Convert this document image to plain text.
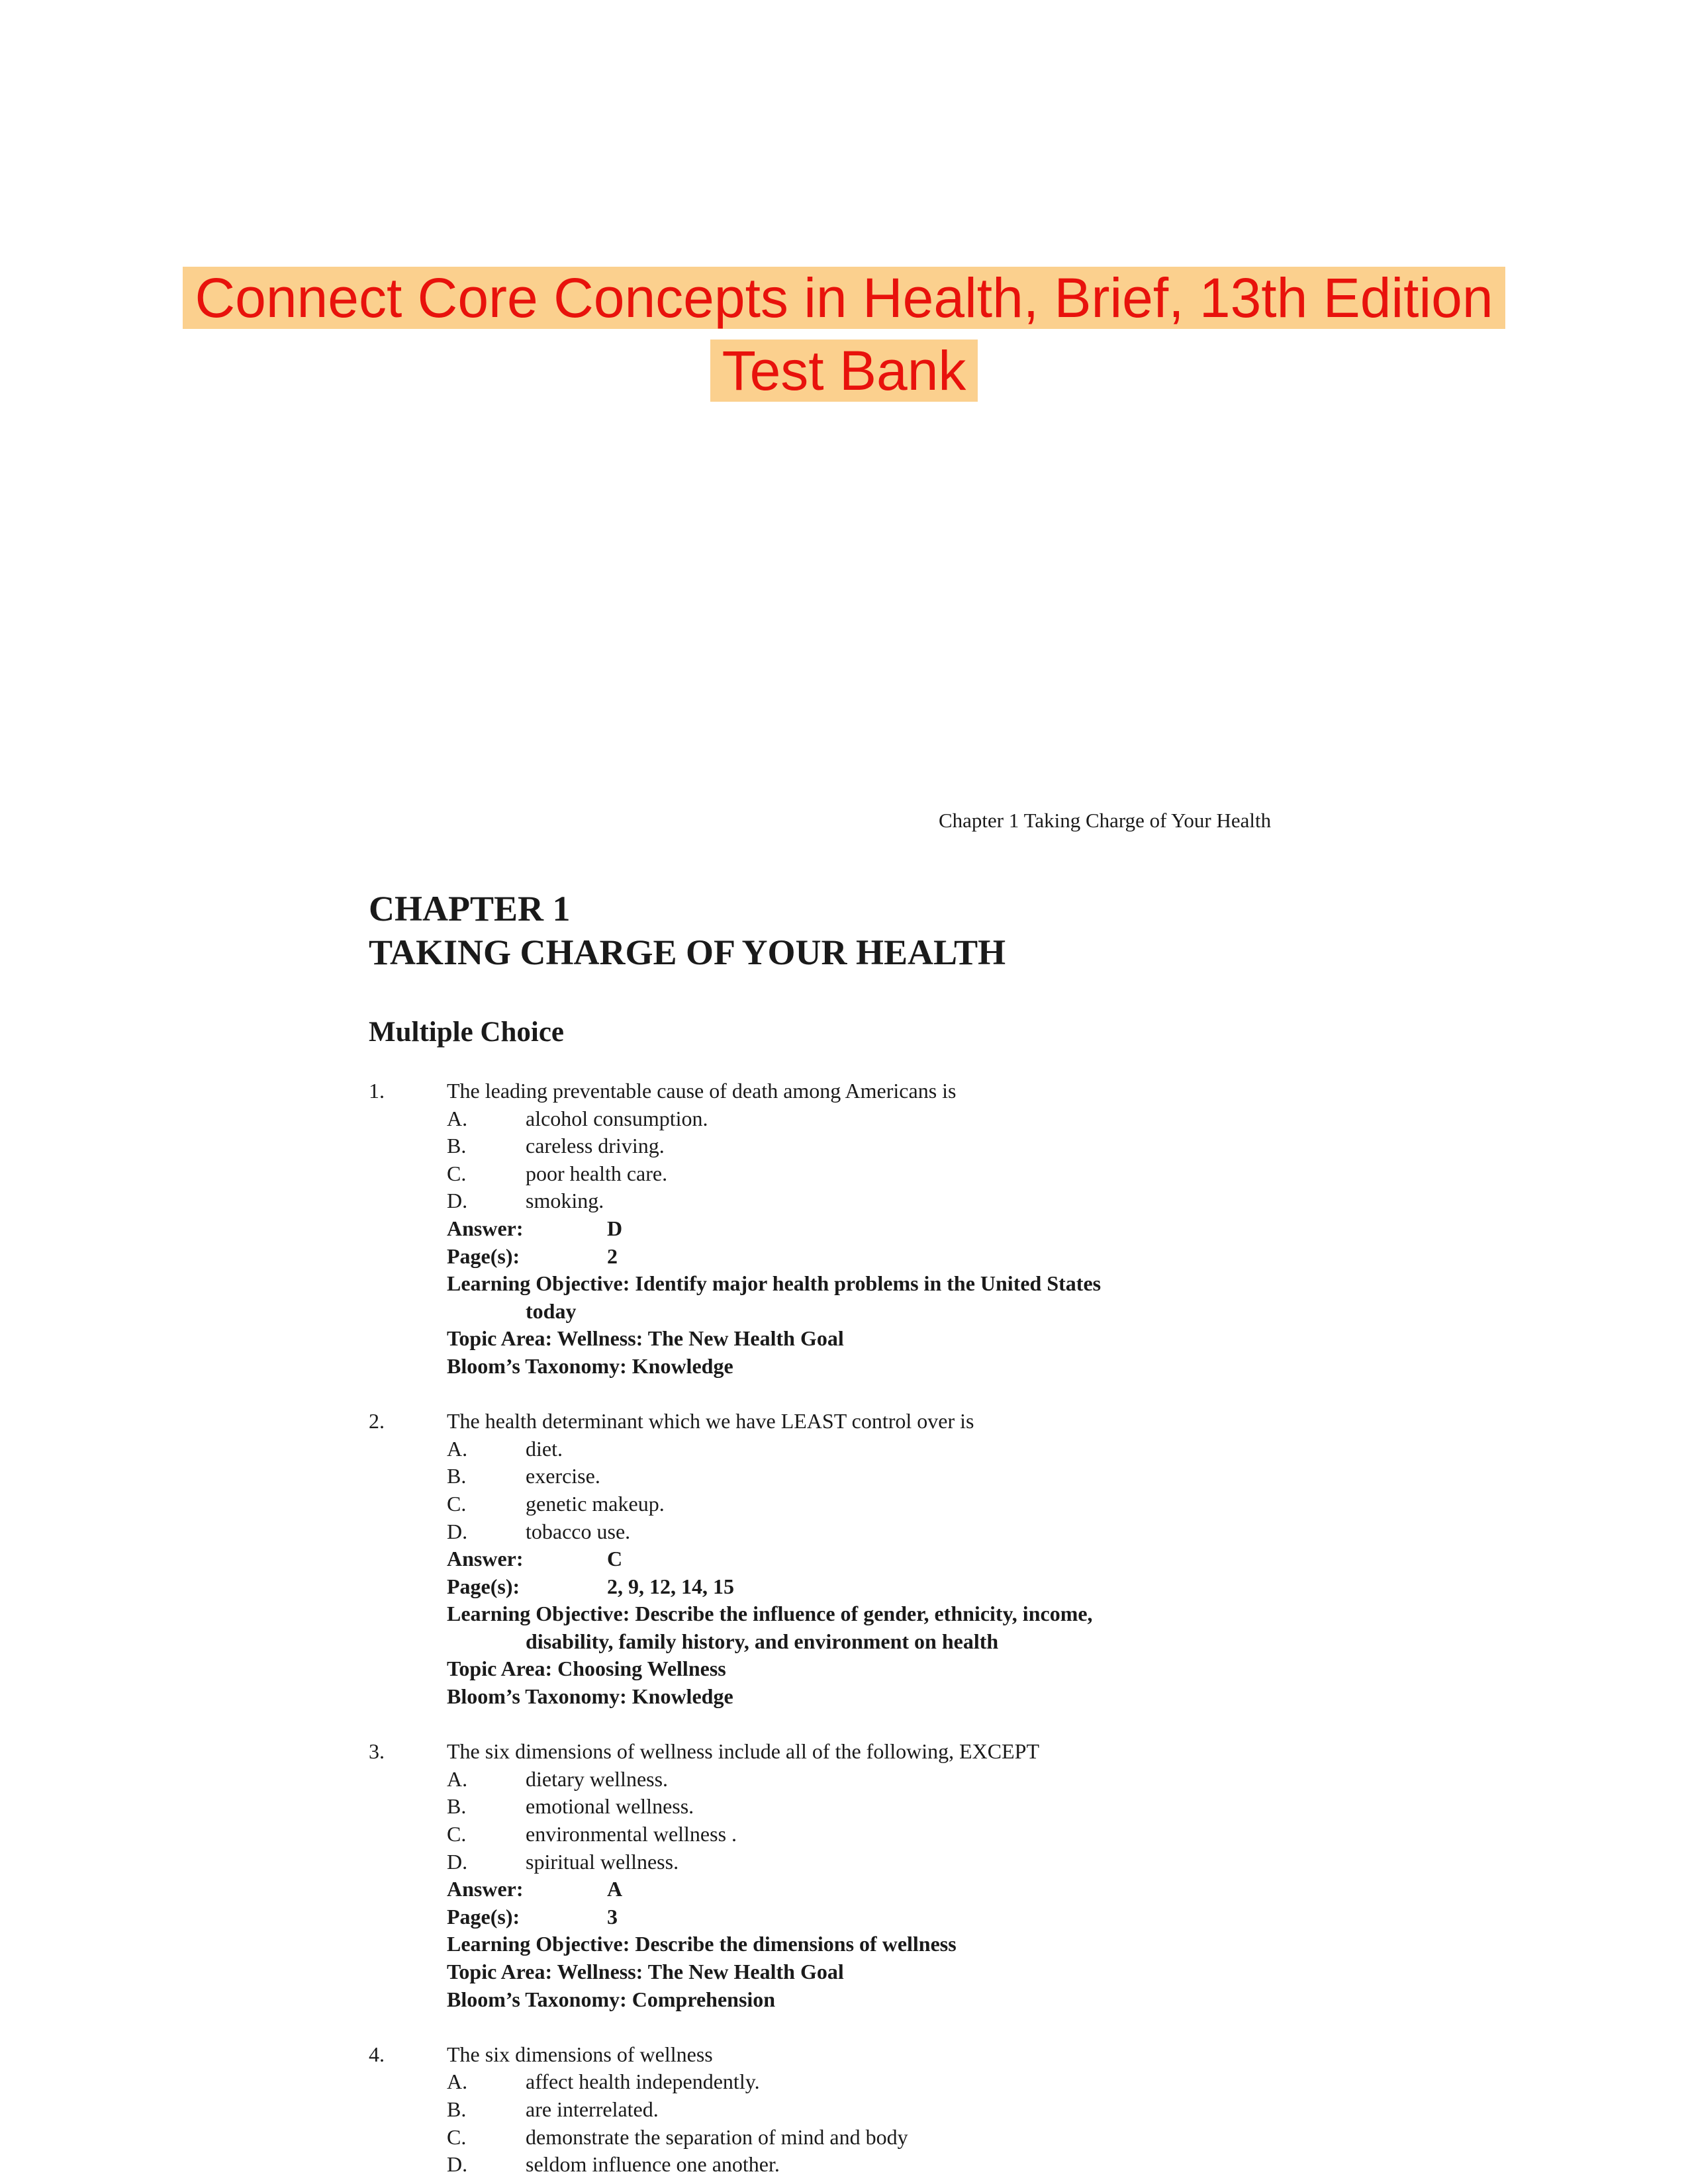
Connect Core Concepts in Health, Brief, 13th Edition
Test Bank
Chapter 1 Taking Charge of Your Health
CHAPTER 1
TAKING CHARGE OF YOUR HEALTH
Multiple Choice
1.	The leading preventable cause of death among Americans is
A.	alcohol consumption.
B.	careless driving.
C.	poor health care.
D.	smoking.
Answer:	D
Page(s):	2
Learning Objective: Identify major health problems in the United States
today
Topic Area: Wellness: The New Health Goal
Bloom’s Taxonomy: Knowledge
2.	The health determinant which we have LEAST control over is
A.	diet.
B.	exercise.
C.	genetic makeup.
D.	tobacco use.
Answer:	C
Page(s):	2, 9, 12, 14, 15
Learning Objective: Describe the influence of gender, ethnicity, income,
disability, family history, and environment on health
Topic Area: Choosing Wellness
Bloom’s Taxonomy: Knowledge
3.	The six dimensions of wellness include all of the following, EXCEPT
A.	dietary wellness.
B.	emotional wellness.
C.	environmental wellness .
D.	spiritual wellness.
Answer:	A
Page(s):	3
Learning Objective: Describe the dimensions of wellness
Topic Area: Wellness: The New Health Goal
Bloom’s Taxonomy: Comprehension
4.	The six dimensions of wellness
A.	affect health independently.
B.	are interrelated.
C.	demonstrate the separation of mind and body
D.	seldom influence one another.
